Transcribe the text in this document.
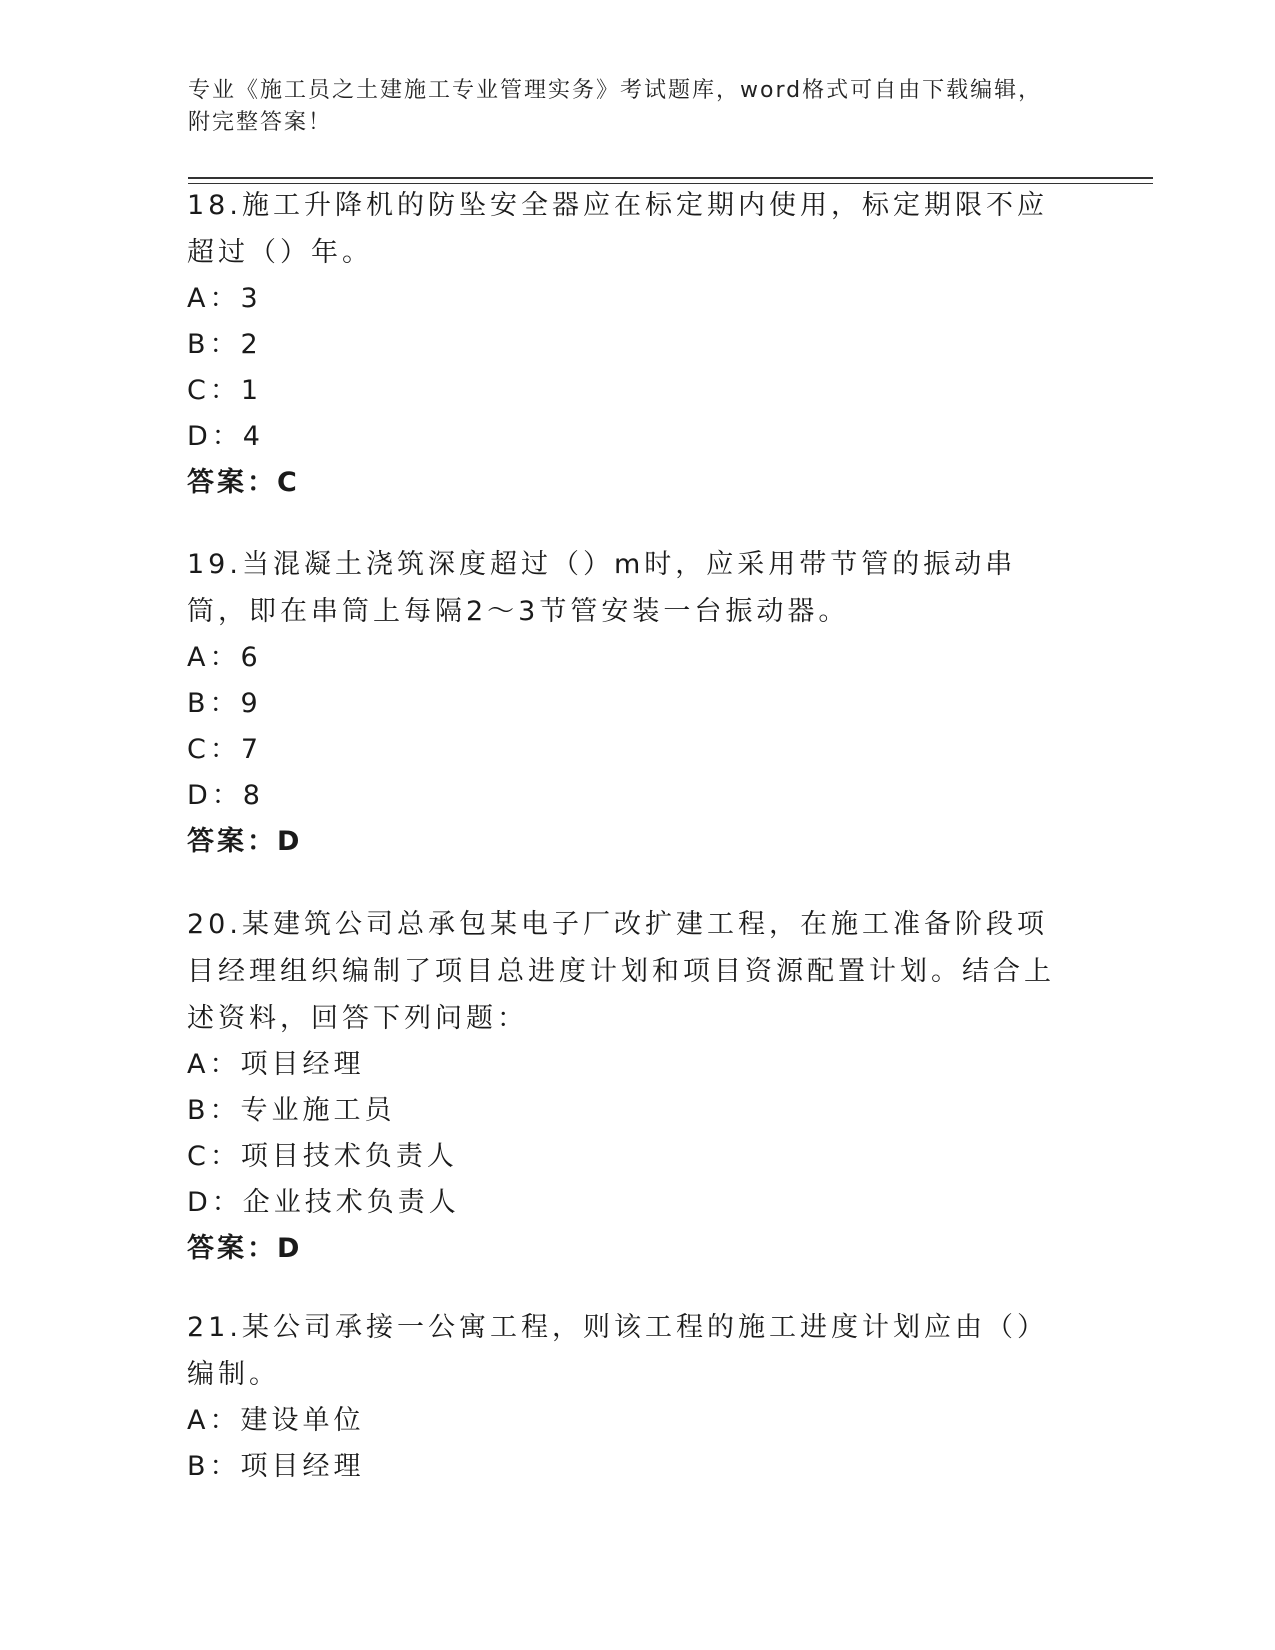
专业《施工员之土建施工专业管理实务》考试题库，word格式可自由下载编辑，
附完整答案！
18.施工升降机的防坠安全器应在标定期内使用，标定期限不应超过（）年。
A：3
B：2
C：1
D：4
答案：C
19.当混凝土浇筑深度超过（）m时，应采用带节管的振动串筒，即在串筒上每隔2～3节管安装一台振动器。
A：6
B：9
C：7
D：8
答案：D
20.某建筑公司总承包某电子厂改扩建工程，在施工准备阶段项目经理组织编制了项目总进度计划和项目资源配置计划。结合上述资料，回答下列问题：
A：项目经理
B：专业施工员
C：项目技术负责人
D：企业技术负责人
答案：D
21.某公司承接一公寓工程，则该工程的施工进度计划应由（）编制。
A：建设单位
B：项目经理
